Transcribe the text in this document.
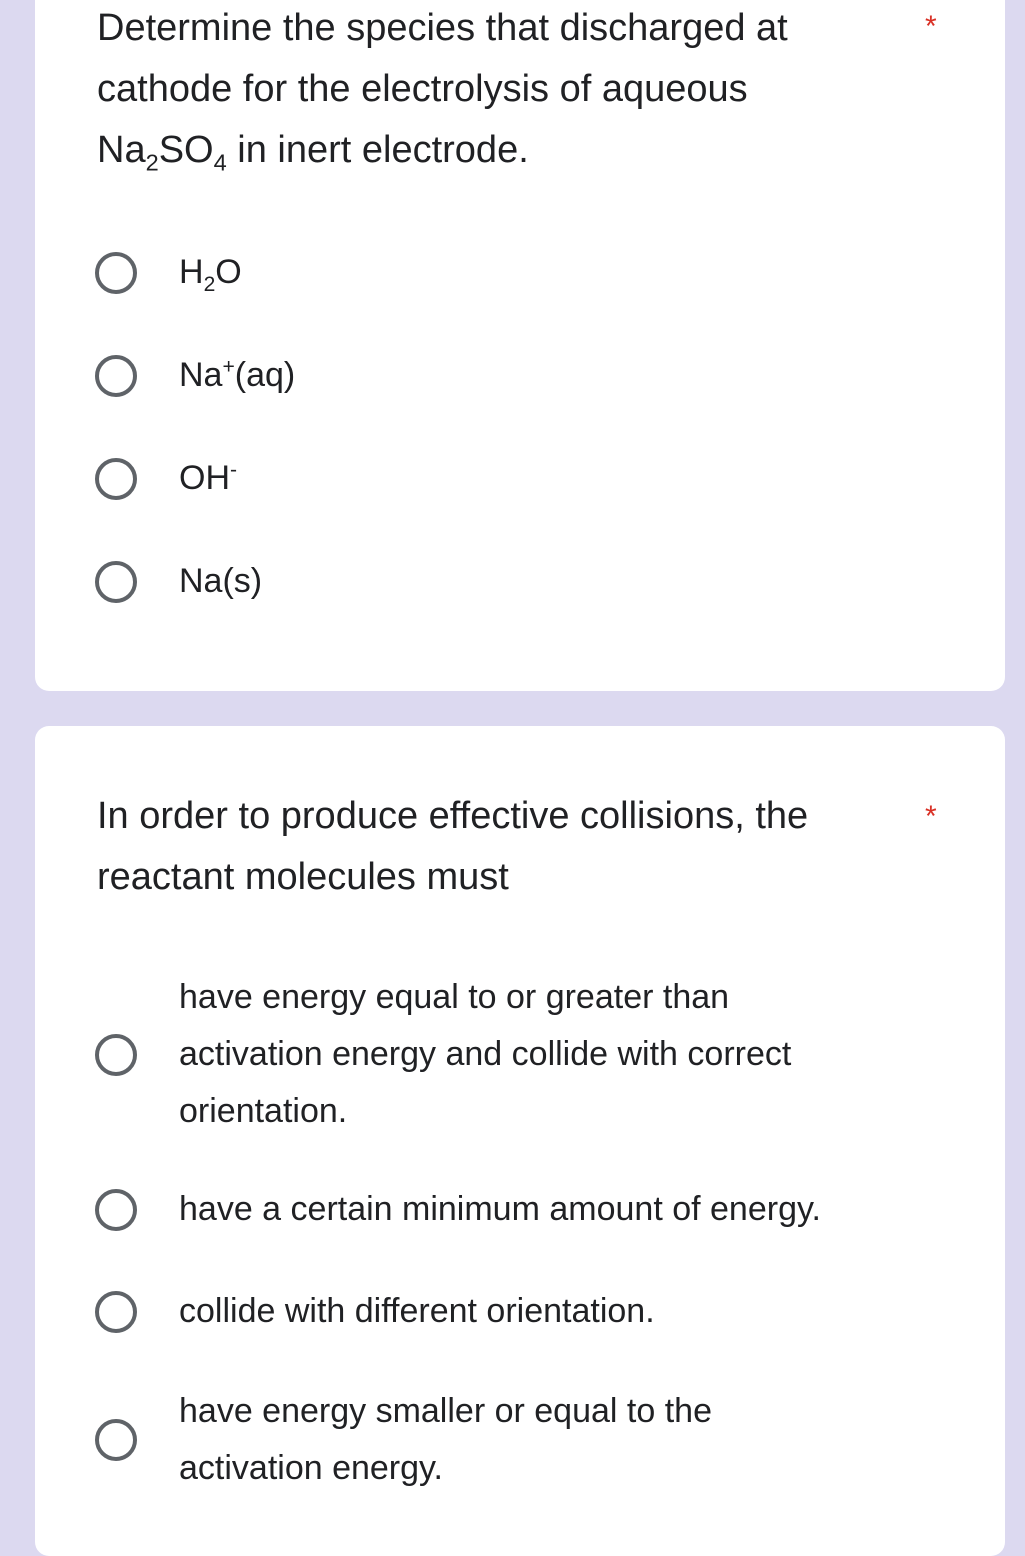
Determine the species that discharged at
cathode for the electrolysis of aqueous
$Na_2SO_4$ in inert electrode.
*
$H_2O$
Na+(aq)
OH-
Na(s)
In order to produce effective collisions, the
reactant molecules must
*
have energy equal to or greater than
activation energy and collide with correct
orientation.
have a certain minimum amount of energy.
collide with different orientation.
have energy smaller or equal to the
activation energy.
